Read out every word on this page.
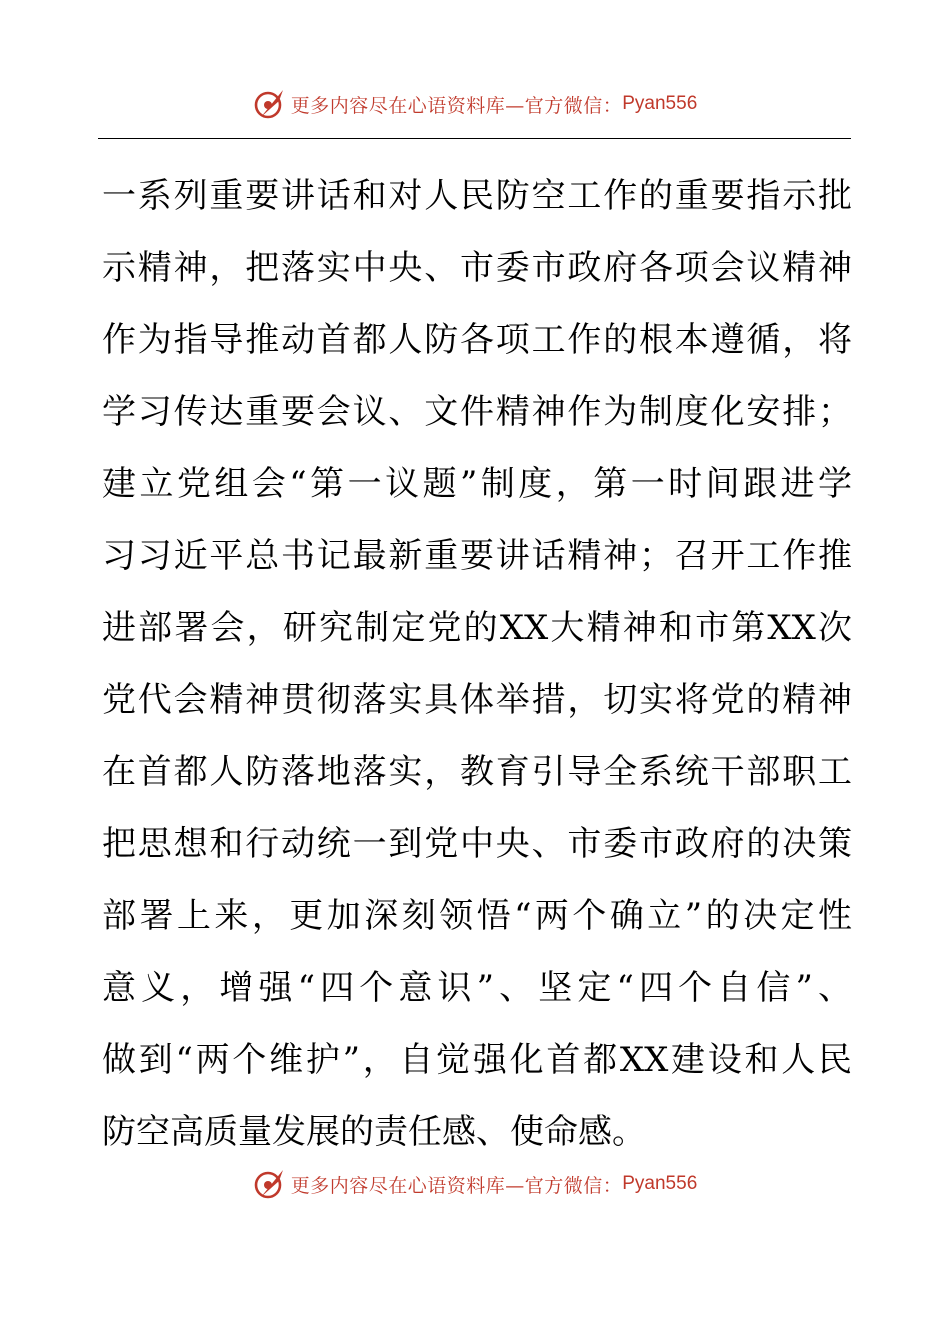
更多内容尽在心语资料库—官方微信： Pyan556
一系列重要讲话和对人民防空工作的重要指示批
示精神，把落实中央、市委市政府各项会议精神
作为指导推动首都人防各项工作的根本遵循，将
学习传达重要会议、文件精神作为制度化安排；
建立党组会“第一议题”制度，第一时间跟进学
习习近平总书记最新重要讲话精神；召开工作推
进部署会，研究制定党的XX大精神和市第XX次
党代会精神贯彻落实具体举措，切实将党的精神
在首都人防落地落实，教育引导全系统干部职工
把思想和行动统一到党中央、市委市政府的决策
部署上来，更加深刻领悟“两个确立”的决定性
意义，增强“四个意识”、坚定“四个自信”、
做到“两个维护”，自觉强化首都XX建设和人民
防空高质量发展的责任感、使命感。
更多内容尽在心语资料库—官方微信： Pyan556
